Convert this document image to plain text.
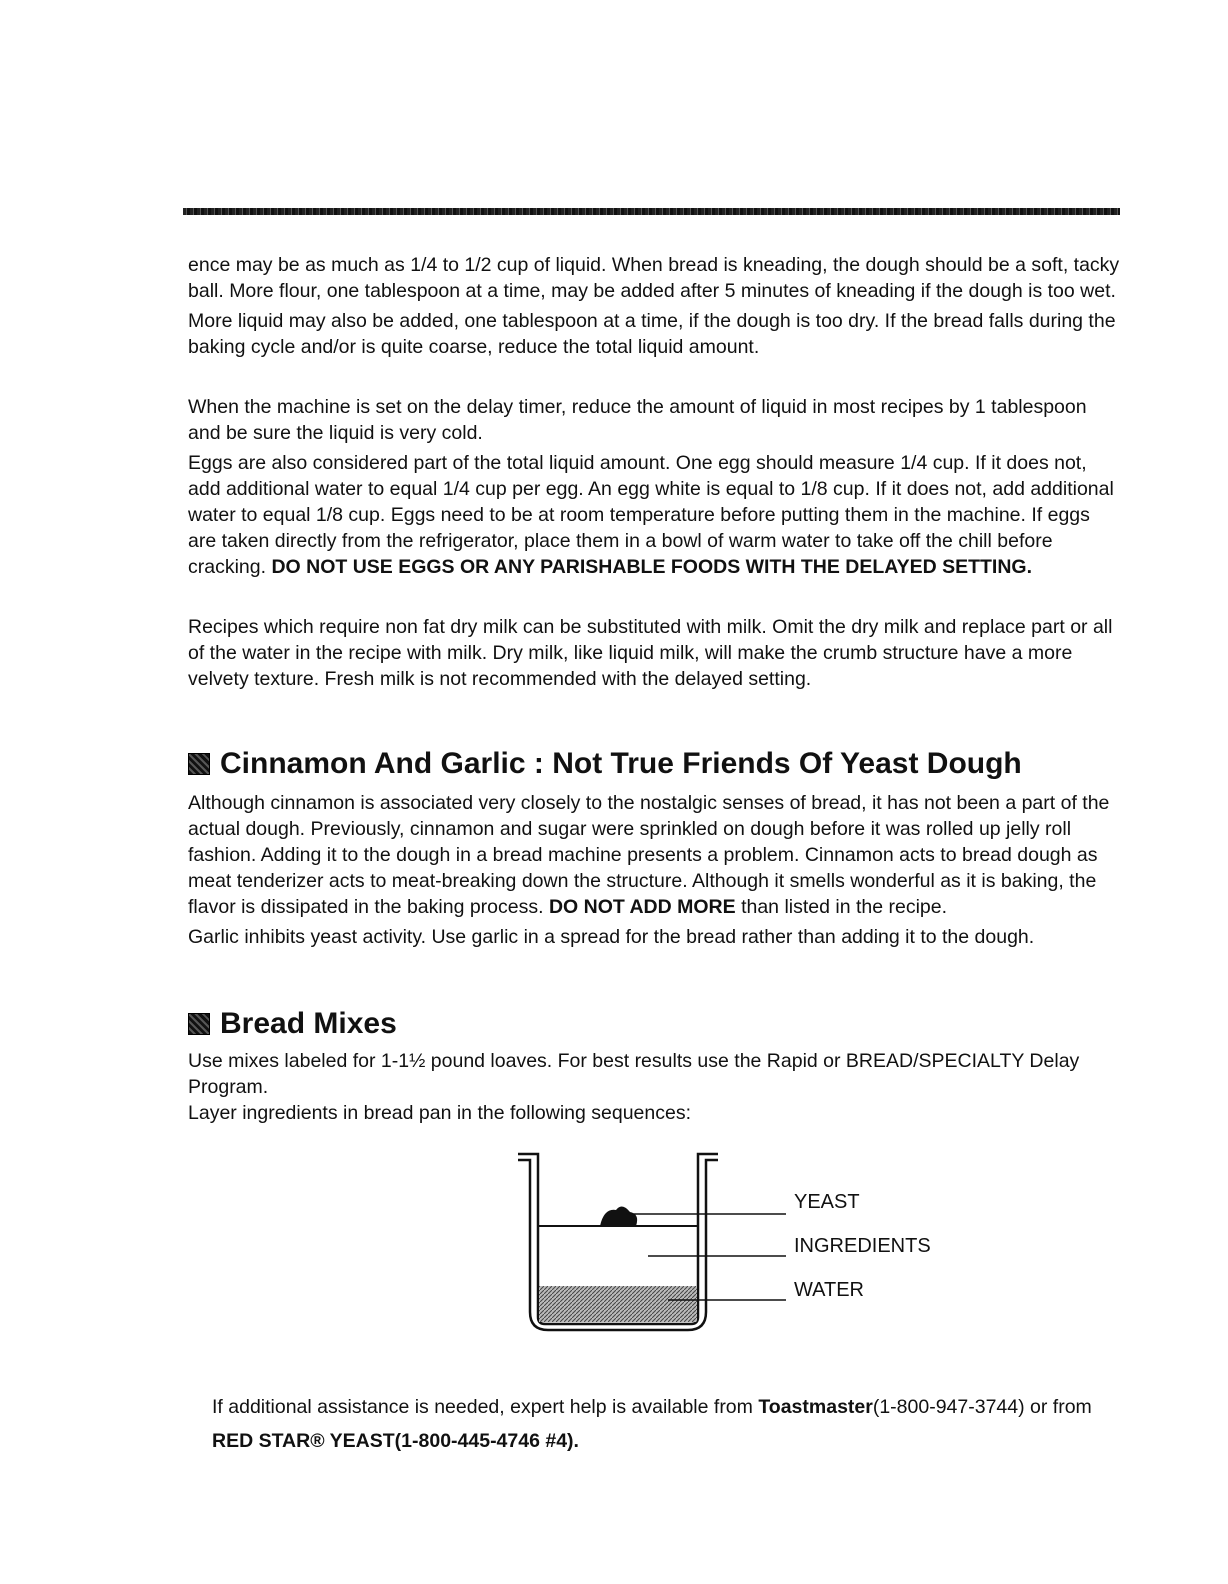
ence may be as much as 1/4 to 1/2 cup of liquid. When bread is kneading, the dough should be a soft, tacky ball. More flour, one tablespoon at a time, may be added after 5 minutes of kneading if the dough is too wet.

More liquid may also be added, one tablespoon at a time, if the dough is too dry. If the bread falls during the baking cycle and/or is quite coarse, reduce the total liquid amount.

When the machine is set on the delay timer, reduce the amount of liquid in most recipes by 1 tablespoon and be sure the liquid is very cold.

Eggs are also considered part of the total liquid amount. One egg should measure 1/4 cup. If it does not, add additional water to equal 1/4 cup per egg. An egg white is equal to 1/8 cup. If it does not, add additional water to equal 1/8 cup. Eggs need to be at room temperature before putting them in the machine. If eggs are taken directly from the refrigerator, place them in a bowl of warm water to take off the chill before cracking. DO NOT USE EGGS OR ANY PARISHABLE FOODS WITH THE DELAYED SETTING.

Recipes which require non fat dry milk can be substituted with milk. Omit the dry milk and replace part or all of the water in the recipe with milk. Dry milk, like liquid milk, will make the crumb structure have a more velvety texture. Fresh milk is not recommended with the delayed setting.

Cinnamon And Garlic : Not True Friends Of Yeast Dough

Although cinnamon is associated very closely to the nostalgic senses of bread, it has not been a part of the actual dough. Previously, cinnamon and sugar were sprinkled on dough before it was rolled up jelly roll fashion. Adding it to the dough in a bread machine presents a problem. Cinnamon acts to bread dough as meat tenderizer acts to meat-breaking down the structure. Although it smells wonderful as it is baking, the flavor is dissipated in the baking process. DO NOT ADD MORE than listed in the recipe.

Garlic inhibits yeast activity. Use garlic in a spread for the bread rather than adding it to the dough.

Bread Mixes

Use mixes labeled for 1-1½ pound loaves. For best results use the Rapid or BREAD/SPECIALTY Delay Program.

Layer ingredients in bread pan in the following sequences:

YEAST
INGREDIENTS
WATER
If additional assistance is needed, expert help is available from Toastmaster(1-800-947-3744) or from
RED STAR® YEAST(1-800-445-4746 #4).
